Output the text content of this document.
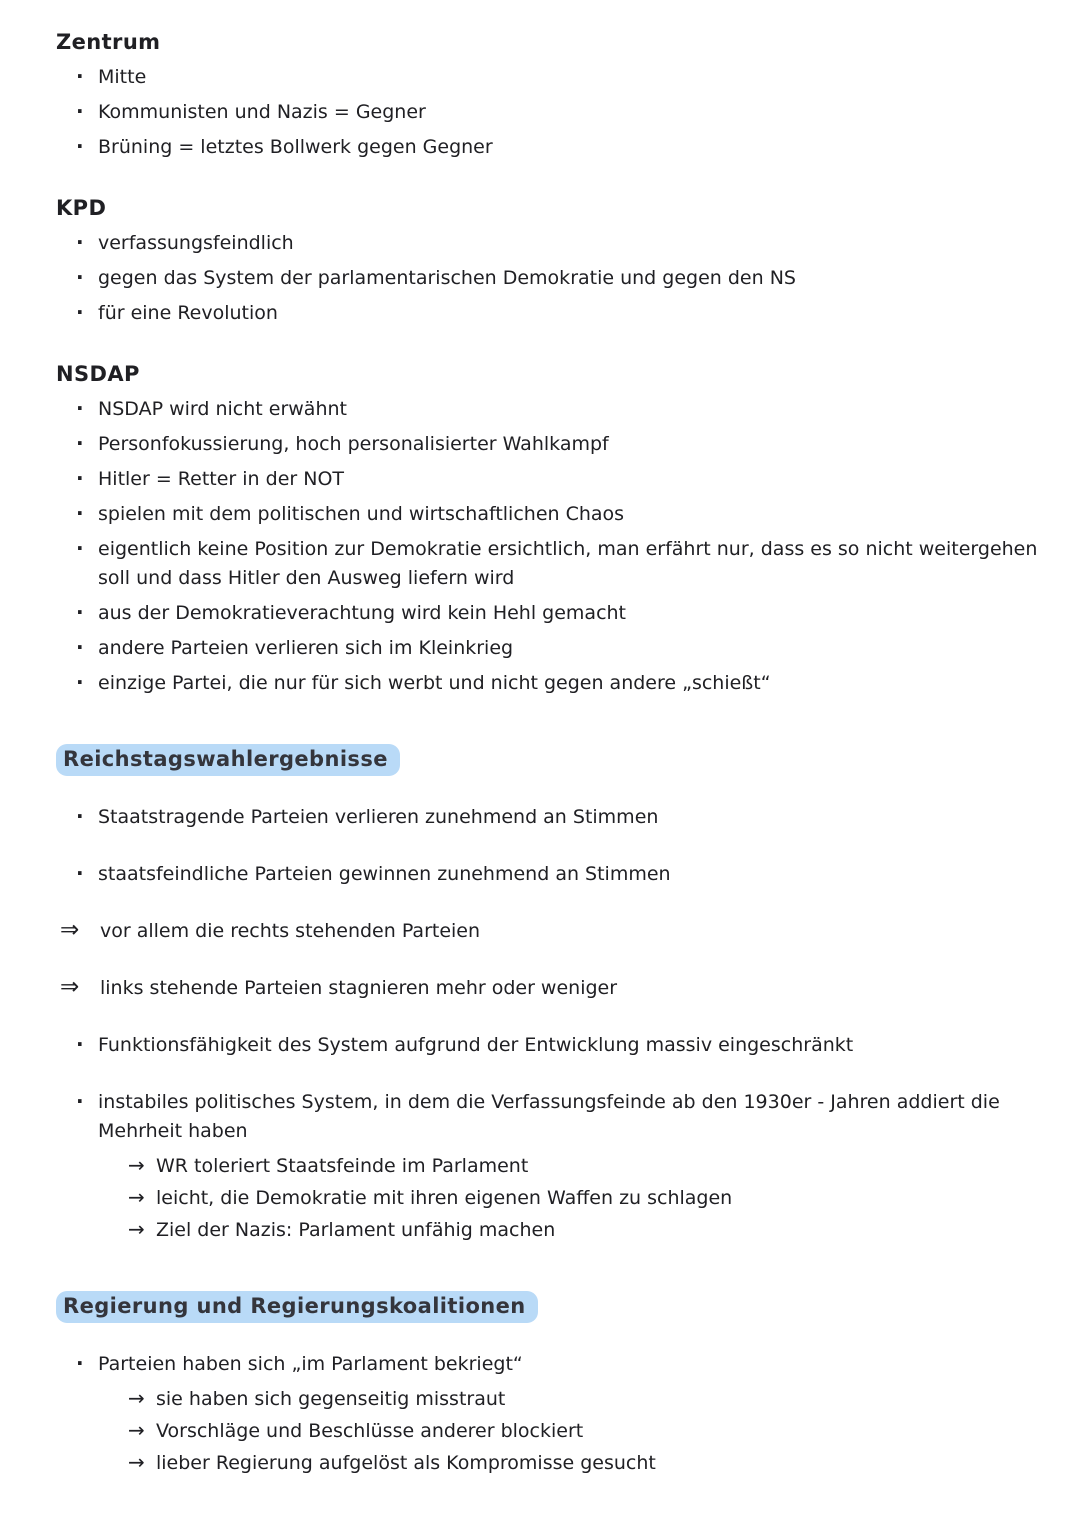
Zentrum
· Mitte
· Kommunisten und Nazis = Gegner
· Brüning = letztes Bollwerk gegen Gegner
KPD
· verfassungsfeindlich
· gegen das System der parlamentarischen Demokratie und gegen den NS
· für eine Revolution
NSDAP
· NSDAP wird nicht erwähnt
· Personfokussierung, hoch personalisierter Wahlkampf
· Hitler = Retter in der NOT
· spielen mit dem politischen und wirtschaftlichen Chaos
· eigentlich keine Position zur Demokratie ersichtlich, man erfährt nur, dass es so nicht weitergehen soll und dass Hitler den Ausweg liefern wird
· aus der Demokratieverachtung wird kein Hehl gemacht
· andere Parteien verlieren sich im Kleinkrieg
· einzige Partei, die nur für sich werbt und nicht gegen andere „schießt“
Reichstagswahlergebnisse
· Staatstragende Parteien verlieren zunehmend an Stimmen
· staatsfeindliche Parteien gewinnen zunehmend an Stimmen
⇒	vor allem die rechts stehenden Parteien
⇒	links stehende Parteien stagnieren mehr oder weniger
· Funktionsfähigkeit des System aufgrund der Entwicklung massiv eingeschränkt
· instabiles politisches System, in dem die Verfassungsfeinde ab den 1930er - Jahren addiert die Mehrheit haben
→ WR toleriert Staatsfeinde im Parlament
→ leicht, die Demokratie mit ihren eigenen Waffen zu schlagen
→ Ziel der Nazis: Parlament unfähig machen
Regierung und Regierungskoalitionen
· Parteien haben sich „im Parlament bekriegt“
→ sie haben sich gegenseitig misstraut
→ Vorschläge und Beschlüsse anderer blockiert
→ lieber Regierung aufgelöst als Kompromisse gesucht
